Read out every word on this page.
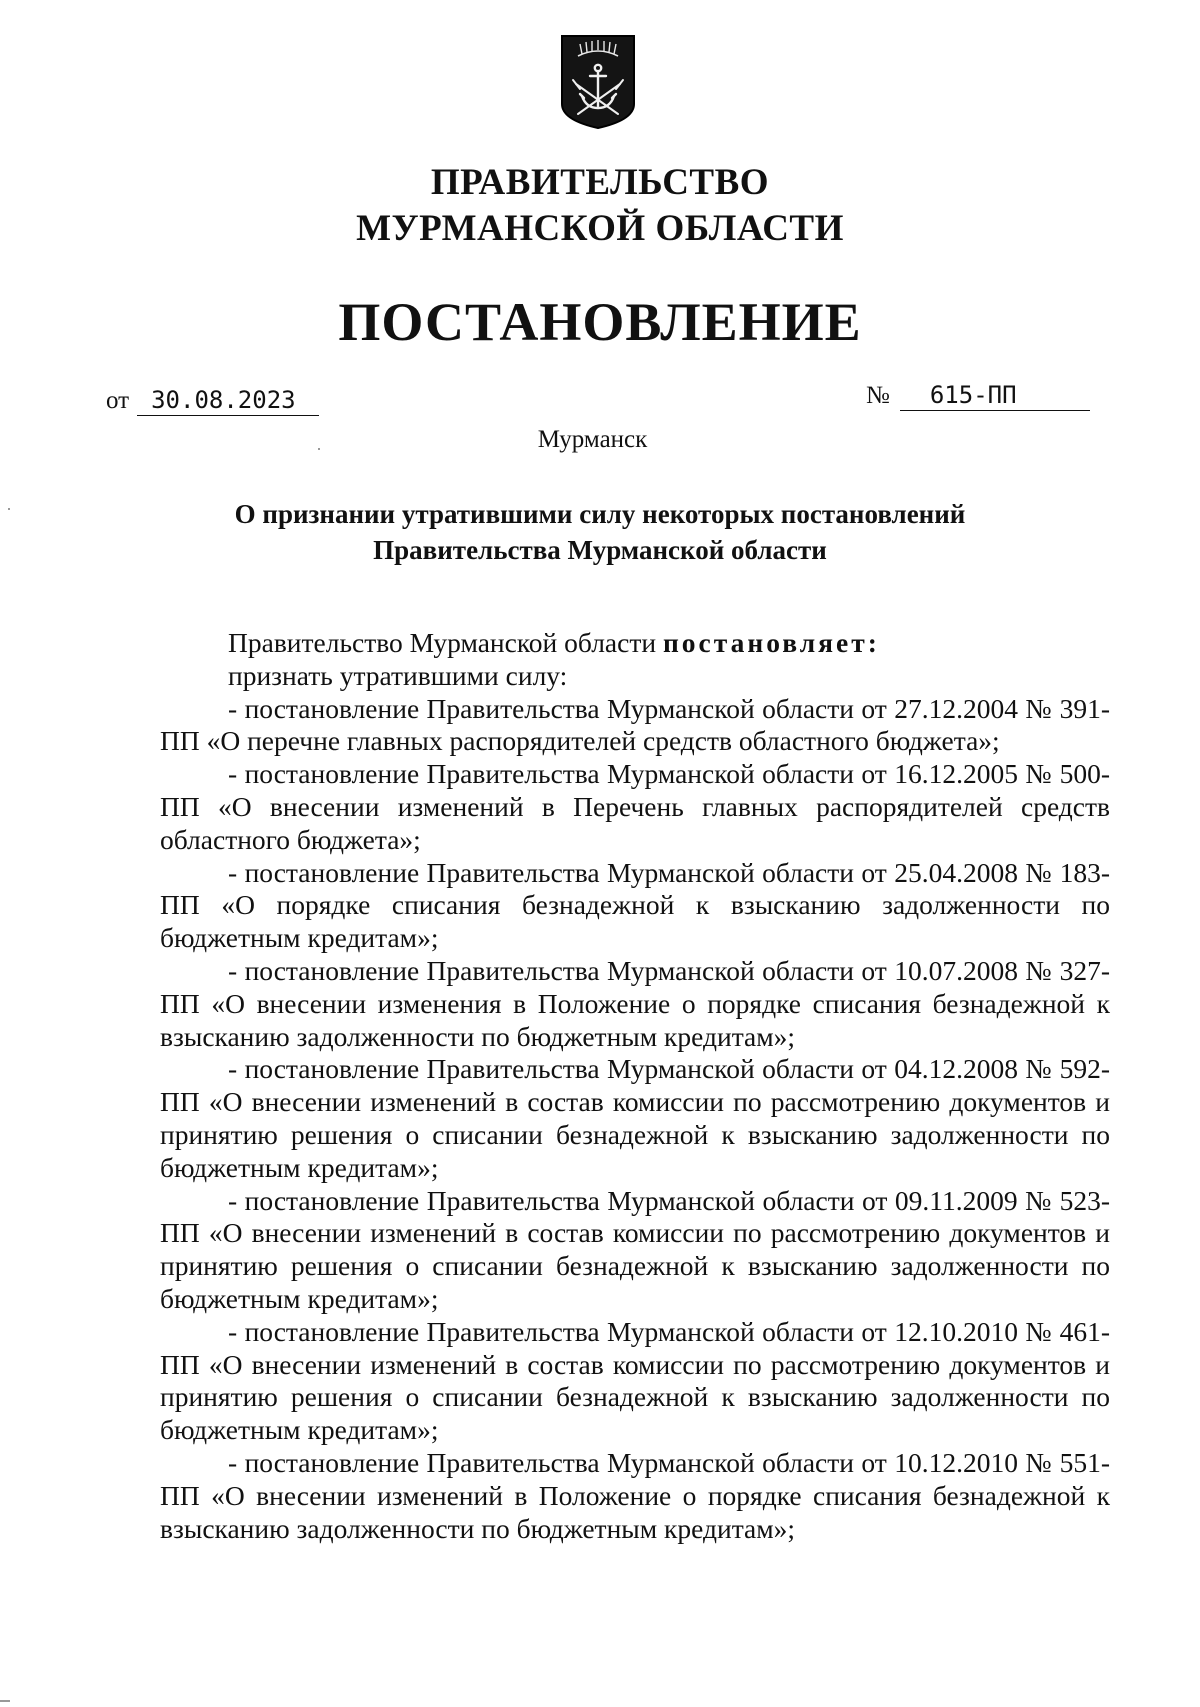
ПРАВИТЕЛЬСТВО
МУРМАНСКОЙ ОБЛАСТИ
ПОСТАНОВЛЕНИЕ
от 30.08.2023	№ 615-ПП
Мурманск
О признании утратившими силу некоторых постановлений
Правительства Мурманской области

Правительство Мурманской области постановляет:

признать утратившими силу:

- постановление Правительства Мурманской области от 27.12.2004 № 391-ПП «О перечне главных распорядителей средств областного бюджета»;

- постановление Правительства Мурманской области от 16.12.2005 № 500-ПП «О внесении изменений в Перечень главных распорядителей средств областного бюджета»;

- постановление Правительства Мурманской области от 25.04.2008 № 183-ПП «О порядке списания безнадежной к взысканию задолженности по бюджетным кредитам»;

- постановление Правительства Мурманской области от 10.07.2008 № 327-ПП «О внесении изменения в Положение о порядке списания безнадежной к взысканию задолженности по бюджетным кредитам»;

- постановление Правительства Мурманской области от 04.12.2008 № 592-ПП «О внесении изменений в состав комиссии по рассмотрению документов и принятию решения о списании безнадежной к взысканию задолженности по бюджетным кредитам»;

- постановление Правительства Мурманской области от 09.11.2009 № 523-ПП «О внесении изменений в состав комиссии по рассмотрению документов и принятию решения о списании безнадежной к взысканию задолженности по бюджетным кредитам»;

- постановление Правительства Мурманской области от 12.10.2010 № 461-ПП «О внесении изменений в состав комиссии по рассмотрению документов и принятию решения о списании безнадежной к взысканию задолженности по бюджетным кредитам»;

- постановление Правительства Мурманской области от 10.12.2010 № 551-ПП «О внесении изменений в Положение о порядке списания безнадежной к взысканию задолженности по бюджетным кредитам»;
